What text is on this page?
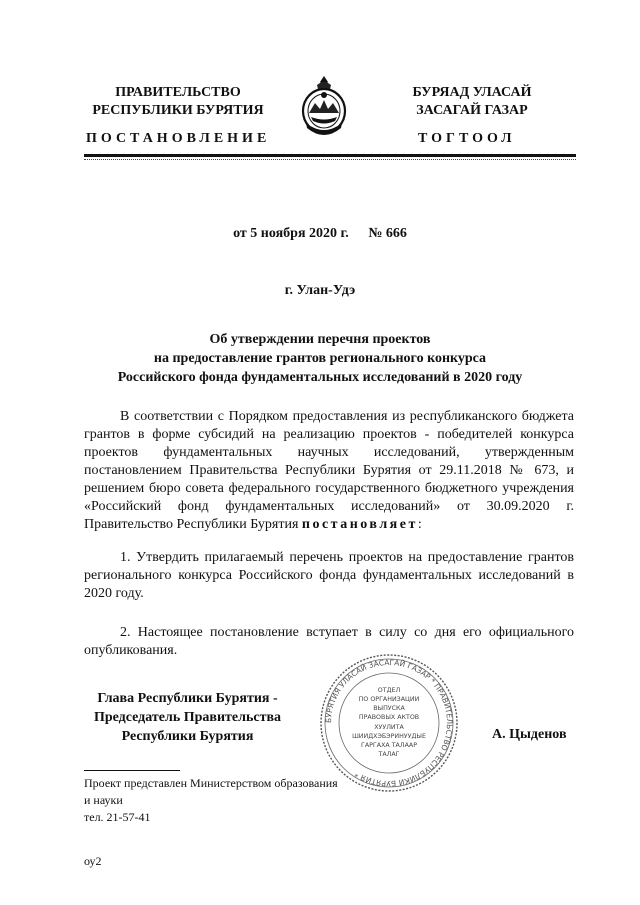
ПРАВИТЕЛЬСТВО
РЕСПУБЛИКИ БУРЯТИЯ
БУРЯАД УЛАСАЙ
ЗАСАГАЙ ГАЗАР
ПОСТАНОВЛЕНИЕ	ТОГТООЛ
от 5 ноября 2020 г. № 666
г. Улан-Удэ
Об утверждении перечня проектов
на предоставление грантов регионального конкурса
Российского фонда фундаментальных исследований в 2020 году

В соответствии с Порядком предоставления из республиканского бюджета грантов в форме субсидий на реализацию проектов - победителей конкурса проектов фундаментальных научных исследований, утвержденным постановлением Правительства Республики Бурятия от 29.11.2018 № 673, и решением бюро совета федерального государственного бюджетного учреждения «Российский фонд фундаментальных исследований» от 30.09.2020 г. Правительство Республики Бурятия постановляет:

1. Утвердить прилагаемый перечень проектов на предоставление грантов регионального конкурса Российского фонда фундаментальных исследований в 2020 году.

2. Настоящее постановление вступает в силу со дня его официального опубликования.

Глава Республики Бурятия -
Председатель Правительства
Республики Бурятия
БУРЯТИЯ УЛАСАЙ ЗАСАГАЙ ГАЗАР * ПРАВИТЕЛЬСТВО РЕСПУБЛИКИ БУРЯТИЯ *
ОТДЕЛ
ПО ОРГАНИЗАЦИИ
ВЫПУСКА
ПРАВОВЫХ АКТОВ
ХУУЛИТА
ШИИДХЭБЭРИНУУДЫЕ
ГАРГАХА ТАЛААР
ТАЛАГ
А. Цыденов
Проект представлен Министерством образования
и науки
тел. 21-57-41
оу2
